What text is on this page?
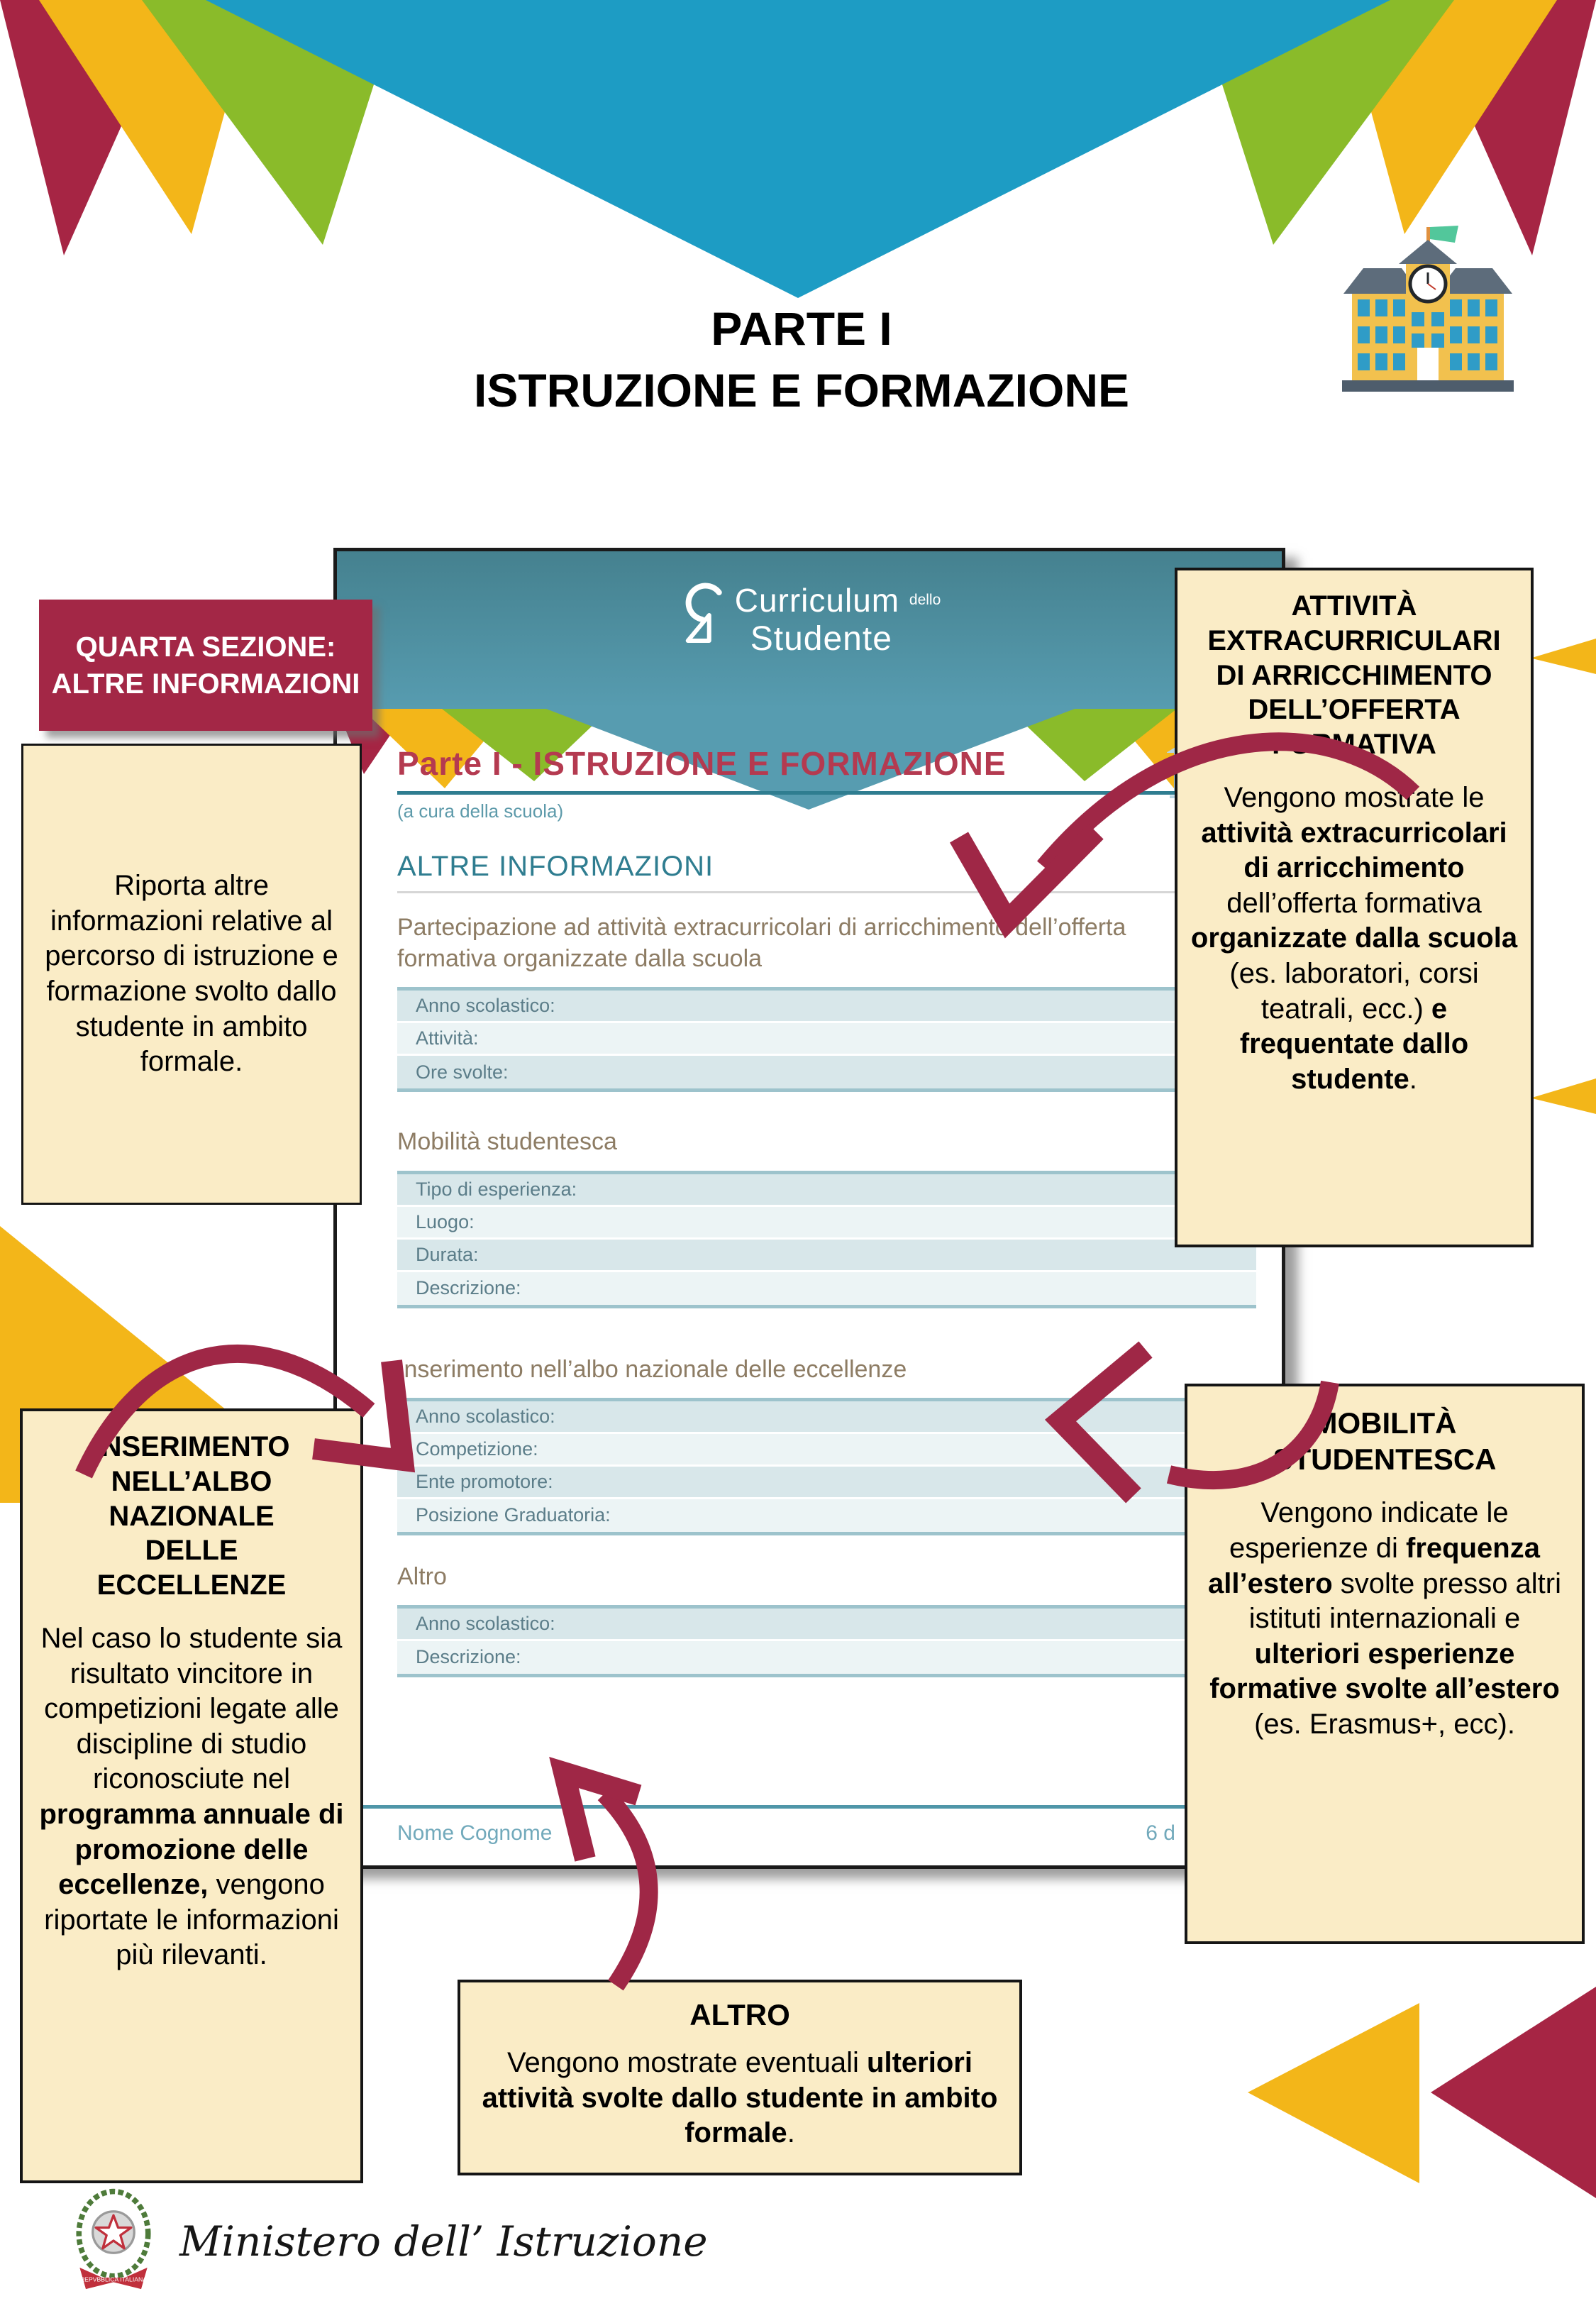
PARTE I
ISTRUZIONE E FORMAZIONE
Curriculum $^{dello}$
Studente
Parte I - ISTRUZIONE E FORMAZIONE
(a cura della scuola)
ALTRE INFORMAZIONI
Partecipazione ad attività extracurricolari di arricchimento dell’offerta formativa organizzate dalla scuola
Anno scolastico:
Attività:
Ore svolte:
Mobilità studentesca
Tipo di esperienza:
Luogo:
Durata:
Descrizione:
Inserimento nell’albo nazionale delle eccellenze
Anno scolastico:
Competizione:
Ente promotore:
Posizione Graduatoria:
Altro
Anno scolastico:
Descrizione:
Nome Cognome	6 d
QUARTA SEZIONE: ALTRE INFORMAZIONI
Riporta altre informazioni relative al percorso di istruzione e formazione svolto dallo studente in ambito formale.
ATTIVITÀ EXTRACURRICULARI DI ARRICCHIMENTO DELL’OFFERTA FORMATIVA
Vengono mostrate le attività extracurricolari di arricchimento dell’offerta formativa organizzate dalla scuola (es. laboratori, corsi teatrali, ecc.) e frequentate dallo studente.
MOBILITÀ STUDENTESCA
Vengono indicate le esperienze di frequenza all’estero svolte presso altri istituti internazionali e ulteriori esperienze formative svolte all’estero (es. Erasmus+, ecc).
INSERIMENTO NELL’ALBO NAZIONALE DELLE ECCELLENZE
Nel caso lo studente sia risultato vincitore in competizioni legate alle discipline di studio riconosciute nel programma annuale di promozione delle eccellenze, vengono riportate le informazioni più rilevanti.
ALTRO
Vengono mostrate eventuali ulteriori attività svolte dallo studente in ambito formale.
REPVBBLICA ITALIANA
Ministero dell’ Istruzione
